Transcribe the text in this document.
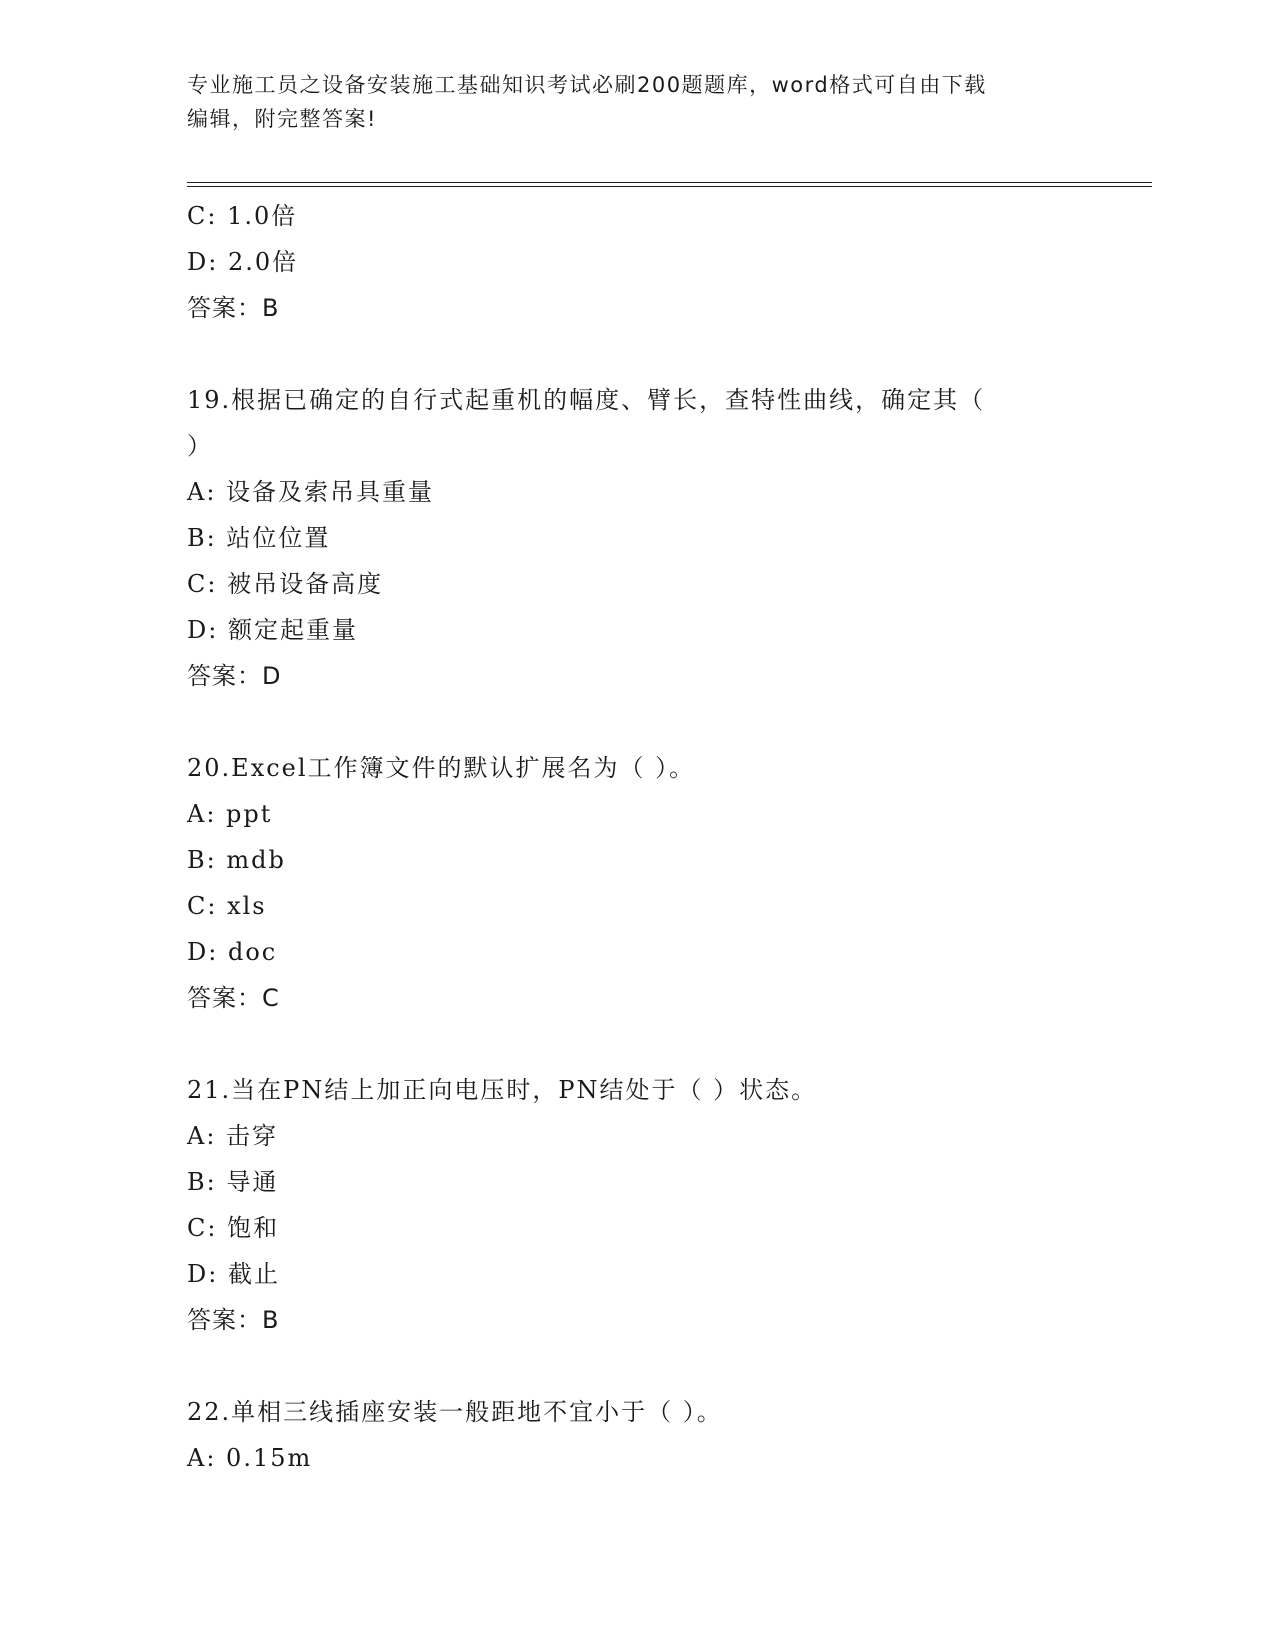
专业施工员之设备安装施工基础知识考试必刷200题题库，word格式可自由下载
编辑，附完整答案!
C: 1.0倍
D: 2.0倍
答案：B
19.根据已确定的自行式起重机的幅度、臂长，查特性曲线，确定其（
）
A: 设备及索吊具重量
B: 站位位置
C: 被吊设备高度
D: 额定起重量
答案：D
20.Excel工作簿文件的默认扩展名为（ ）。
A: ppt
B: mdb
C: xls
D: doc
答案：C
21.当在PN结上加正向电压时，PN结处于（ ）状态。
A: 击穿
B: 导通
C: 饱和
D: 截止
答案：B
22.单相三线插座安装一般距地不宜小于（ ）。
A: 0.15m
